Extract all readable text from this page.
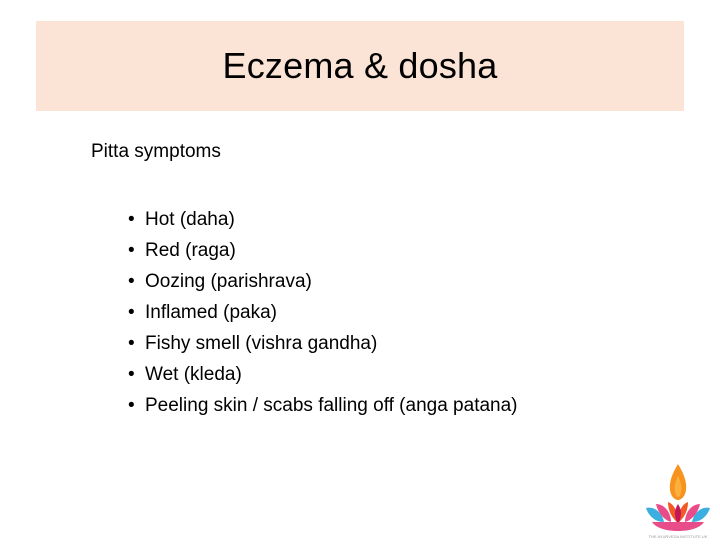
Eczema & dosha

Pitta symptoms

• Hot (daha)
• Red (raga)
• Oozing (parishrava)
• Inflamed (paka)
• Fishy smell (vishra gandha)
• Wet (kleda)
• Peeling skin / scabs falling off (anga patana)
THE AYURVEDA INSTITUTE UK
